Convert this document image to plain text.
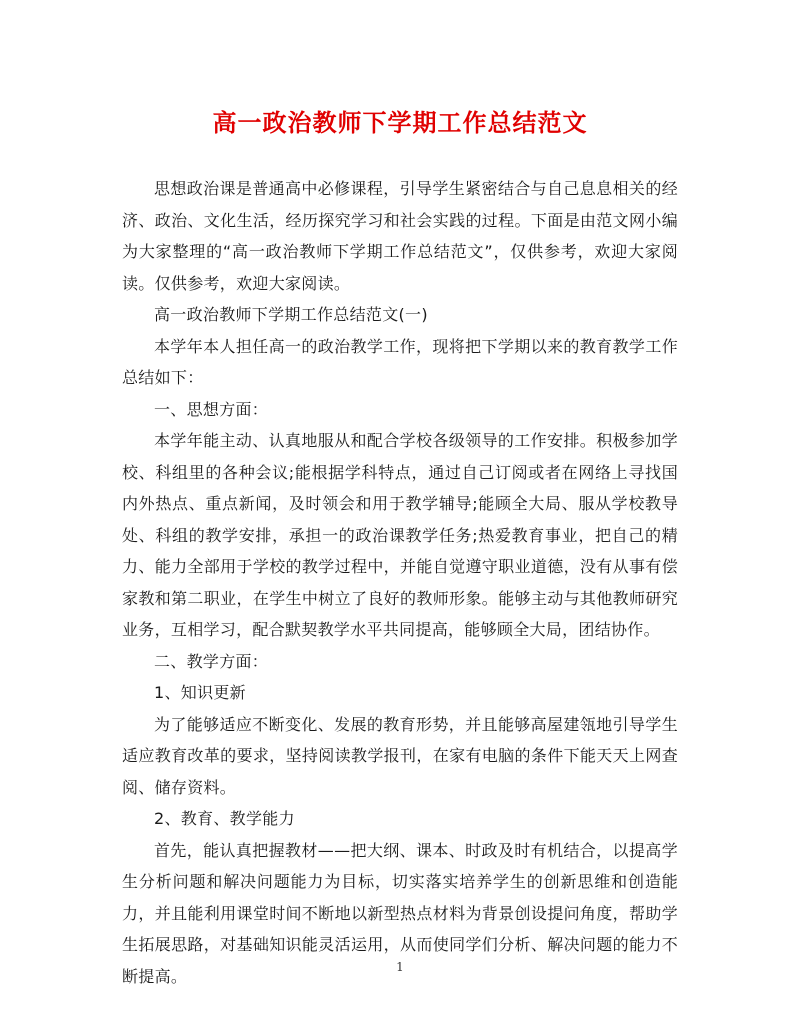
高一政治教师下学期工作总结范文

思想政治课是普通高中必修课程，引导学生紧密结合与自己息息相关的经济、政治、文化生活，经历探究学习和社会实践的过程。下面是由范文网小编为大家整理的“高一政治教师下学期工作总结范文”，仅供参考，欢迎大家阅读。仅供参考，欢迎大家阅读。

高一政治教师下学期工作总结范文(一)

本学年本人担任高一的政治教学工作，现将把下学期以来的教育教学工作总结如下：

一、思想方面：

本学年能主动、认真地服从和配合学校各级领导的工作安排。积极参加学校、科组里的各种会议;能根据学科特点，通过自己订阅或者在网络上寻找国内外热点、重点新闻，及时领会和用于教学辅导;能顾全大局、服从学校教导处、科组的教学安排，承担一的政治课教学任务;热爱教育事业，把自己的精力、能力全部用于学校的教学过程中，并能自觉遵守职业道德，没有从事有偿家教和第二职业，在学生中树立了良好的教师形象。能够主动与其他教师研究业务，互相学习，配合默契教学水平共同提高，能够顾全大局，团结协作。

二、教学方面：

1、知识更新

为了能够适应不断变化、发展的教育形势，并且能够高屋建瓴地引导学生适应教育改革的要求，坚持阅读教学报刊，在家有电脑的条件下能天天上网查阅、储存资料。

2、教育、教学能力

首先，能认真把握教材——把大纲、课本、时政及时有机结合，以提高学生分析问题和解决问题能力为目标，切实落实培养学生的创新思维和创造能力，并且能利用课堂时间不断地以新型热点材料为背景创设提问角度，帮助学生拓展思路，对基础知识能灵活运用，从而使同学们分析、解决问题的能力不断提高。	1
